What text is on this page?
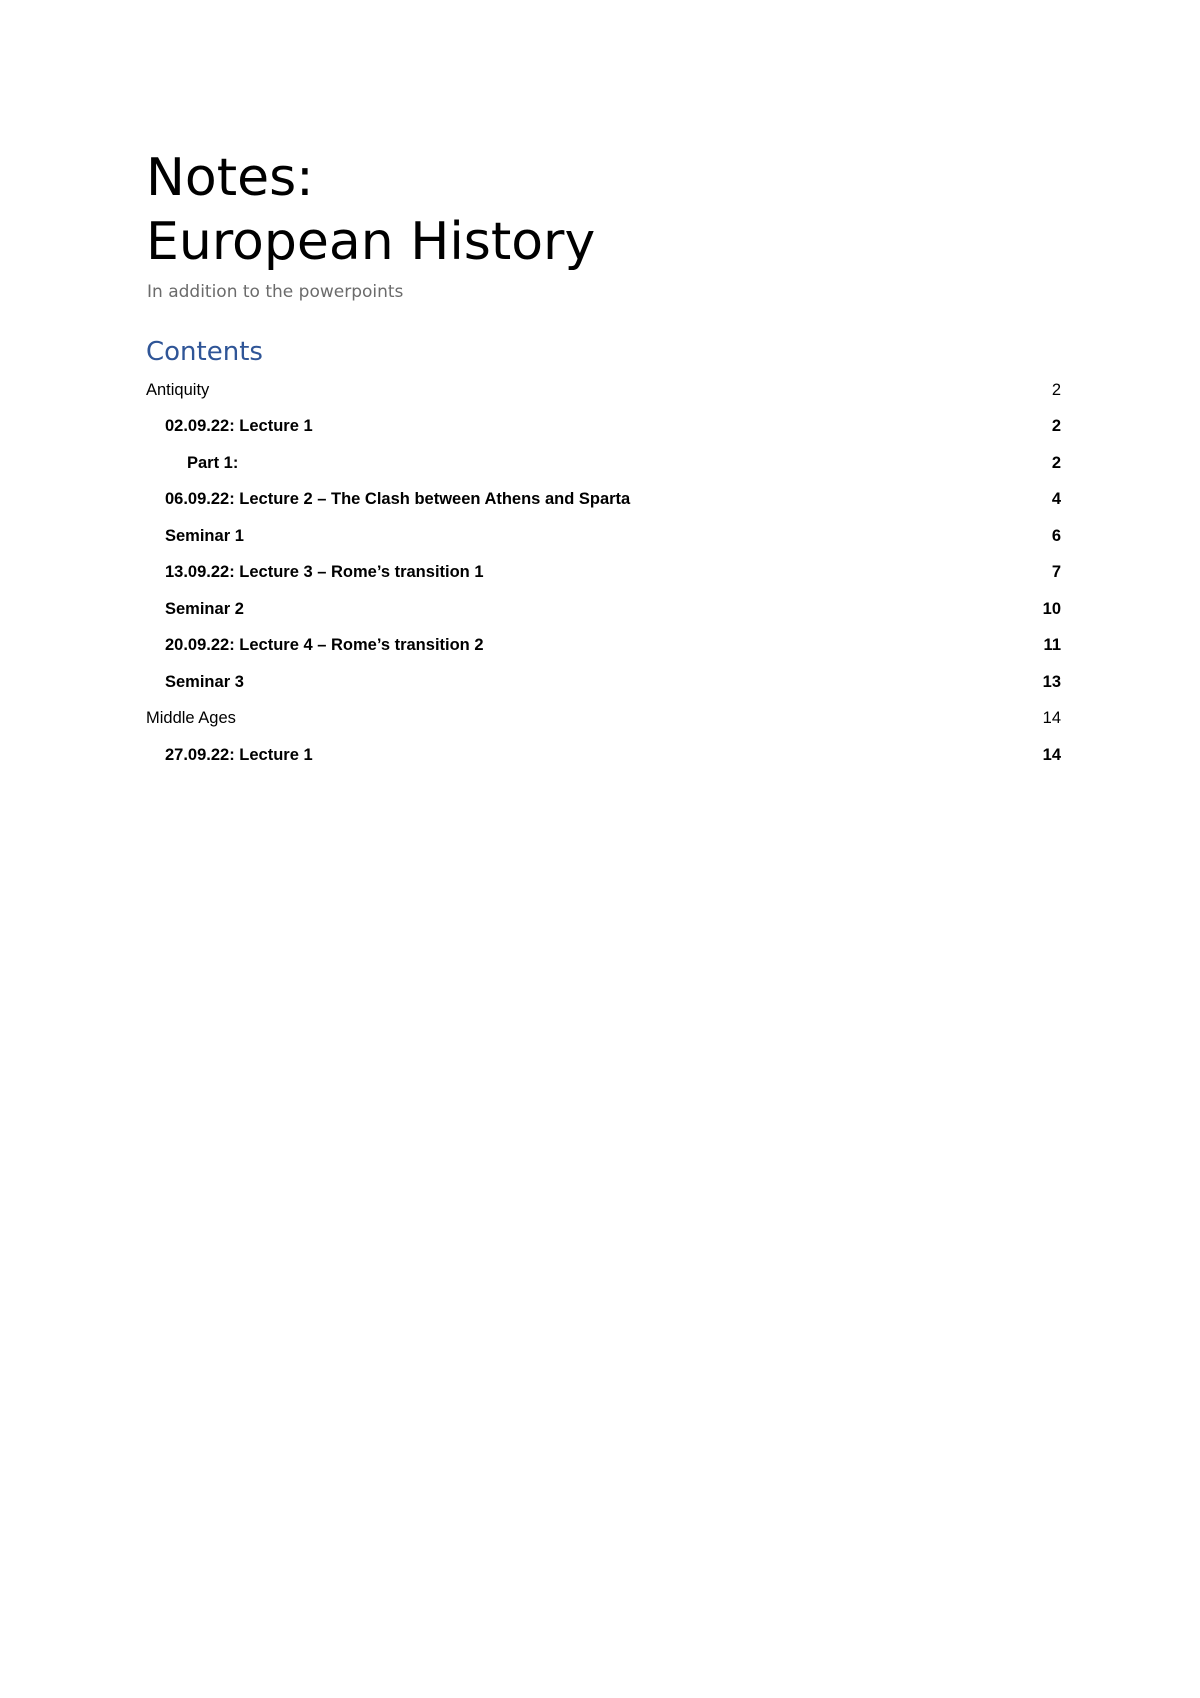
Notes:
European History
In addition to the powerpoints
Contents
Antiquity	2
02.09.22: Lecture 1	2
Part 1:	2
06.09.22: Lecture 2 – The Clash between Athens and Sparta	4
Seminar 1	6
13.09.22: Lecture 3 – Rome’s transition 1	7
Seminar 2	10
20.09.22: Lecture 4 – Rome’s transition 2	11
Seminar 3	13
Middle Ages	14
27.09.22: Lecture 1	14
